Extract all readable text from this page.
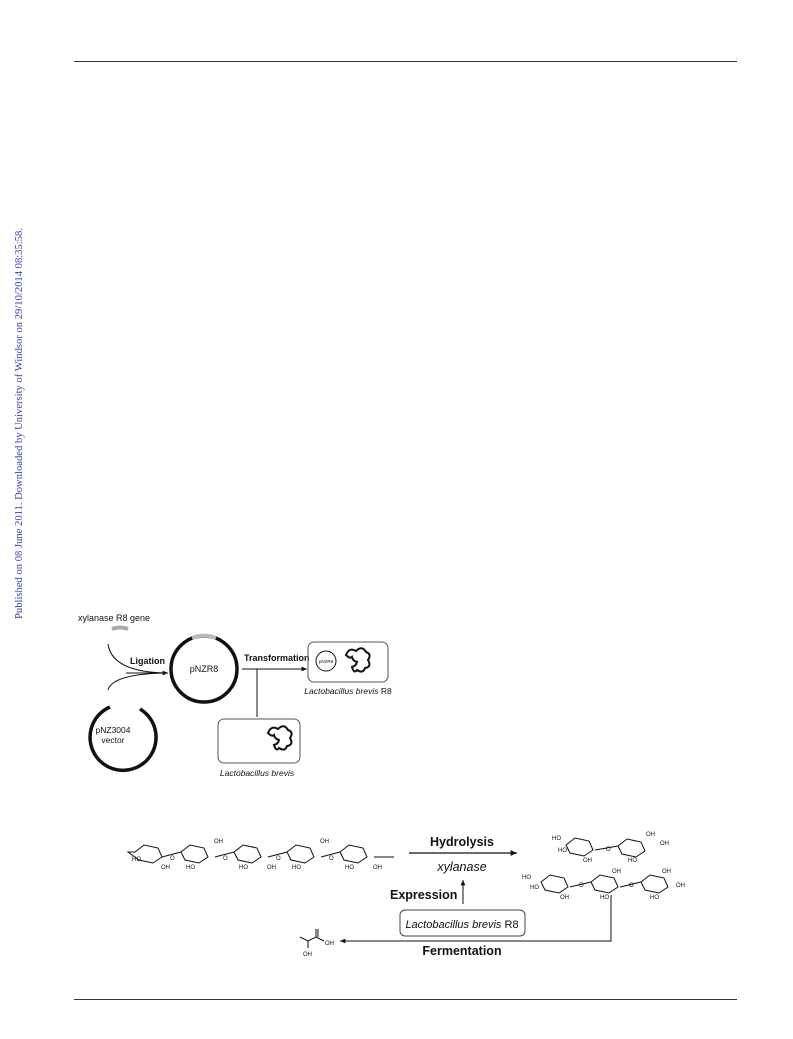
Published on 08 June 2011. Downloaded by University of Windsor on 29/10/2014 08:35:58.	xylanase R8 gene
Ligation
pNZR8
pNZ3004
vector
Transformation pNZR8
Lactobacillus brevis R8
Lactobacillus brevis
O	O	O	O
HO
OH
OH
HO	OH
HO
OH
HO	OH
HO
Hydrolysis
xylanase
Expression
Lactobacillus brevis R8
Fermentation
OH
OH
HO
HO
OH
O
HO
OH
OH
HO
HO
OH
O
HO
OH
O
HO
OH
OH
